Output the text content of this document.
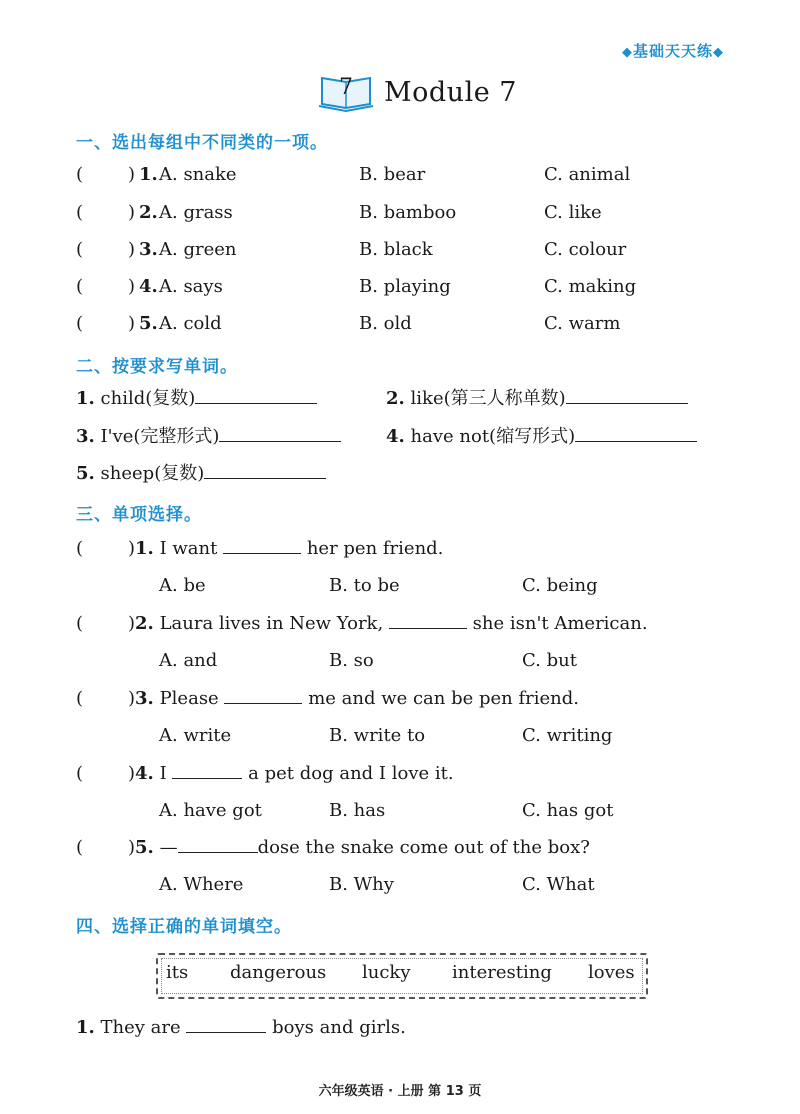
◆基础天天练◆
7	Module 7
一、选出每组中不同类的一项。
( ) 1. A. snake	B. bear	C. animal
( ) 2. A. grass	B. bamboo	C. like
( ) 3. A. green	B. black	C. colour
( ) 4. A. says	B. playing	C. making
( ) 5. A. cold	B. old	C. warm
二、按要求写单词。
1. child(复数)	2. like(第三人称单数)
3. I've(完整形式)	4. have not(缩写形式)
5. sheep(复数)
三、单项选择。
( )1. I want	her pen friend.
A. be	B. to be	C. being
( )2. Laura lives in New York,	she isn't American.
A. and	B. so	C. but
( )3. Please	me and we can be pen friend.
A. write	B. write to	C. writing
( )4. I	a pet dog and I love it.
A. have got	B. has	C. has got
( )5. —	dose the snake come out of the box?
A. Where	B. Why	C. What
四、选择正确的单词填空。
its dangerous lucky interesting loves
1. They are	boys and girls.
六年级英语 · 上册 第 13 页
